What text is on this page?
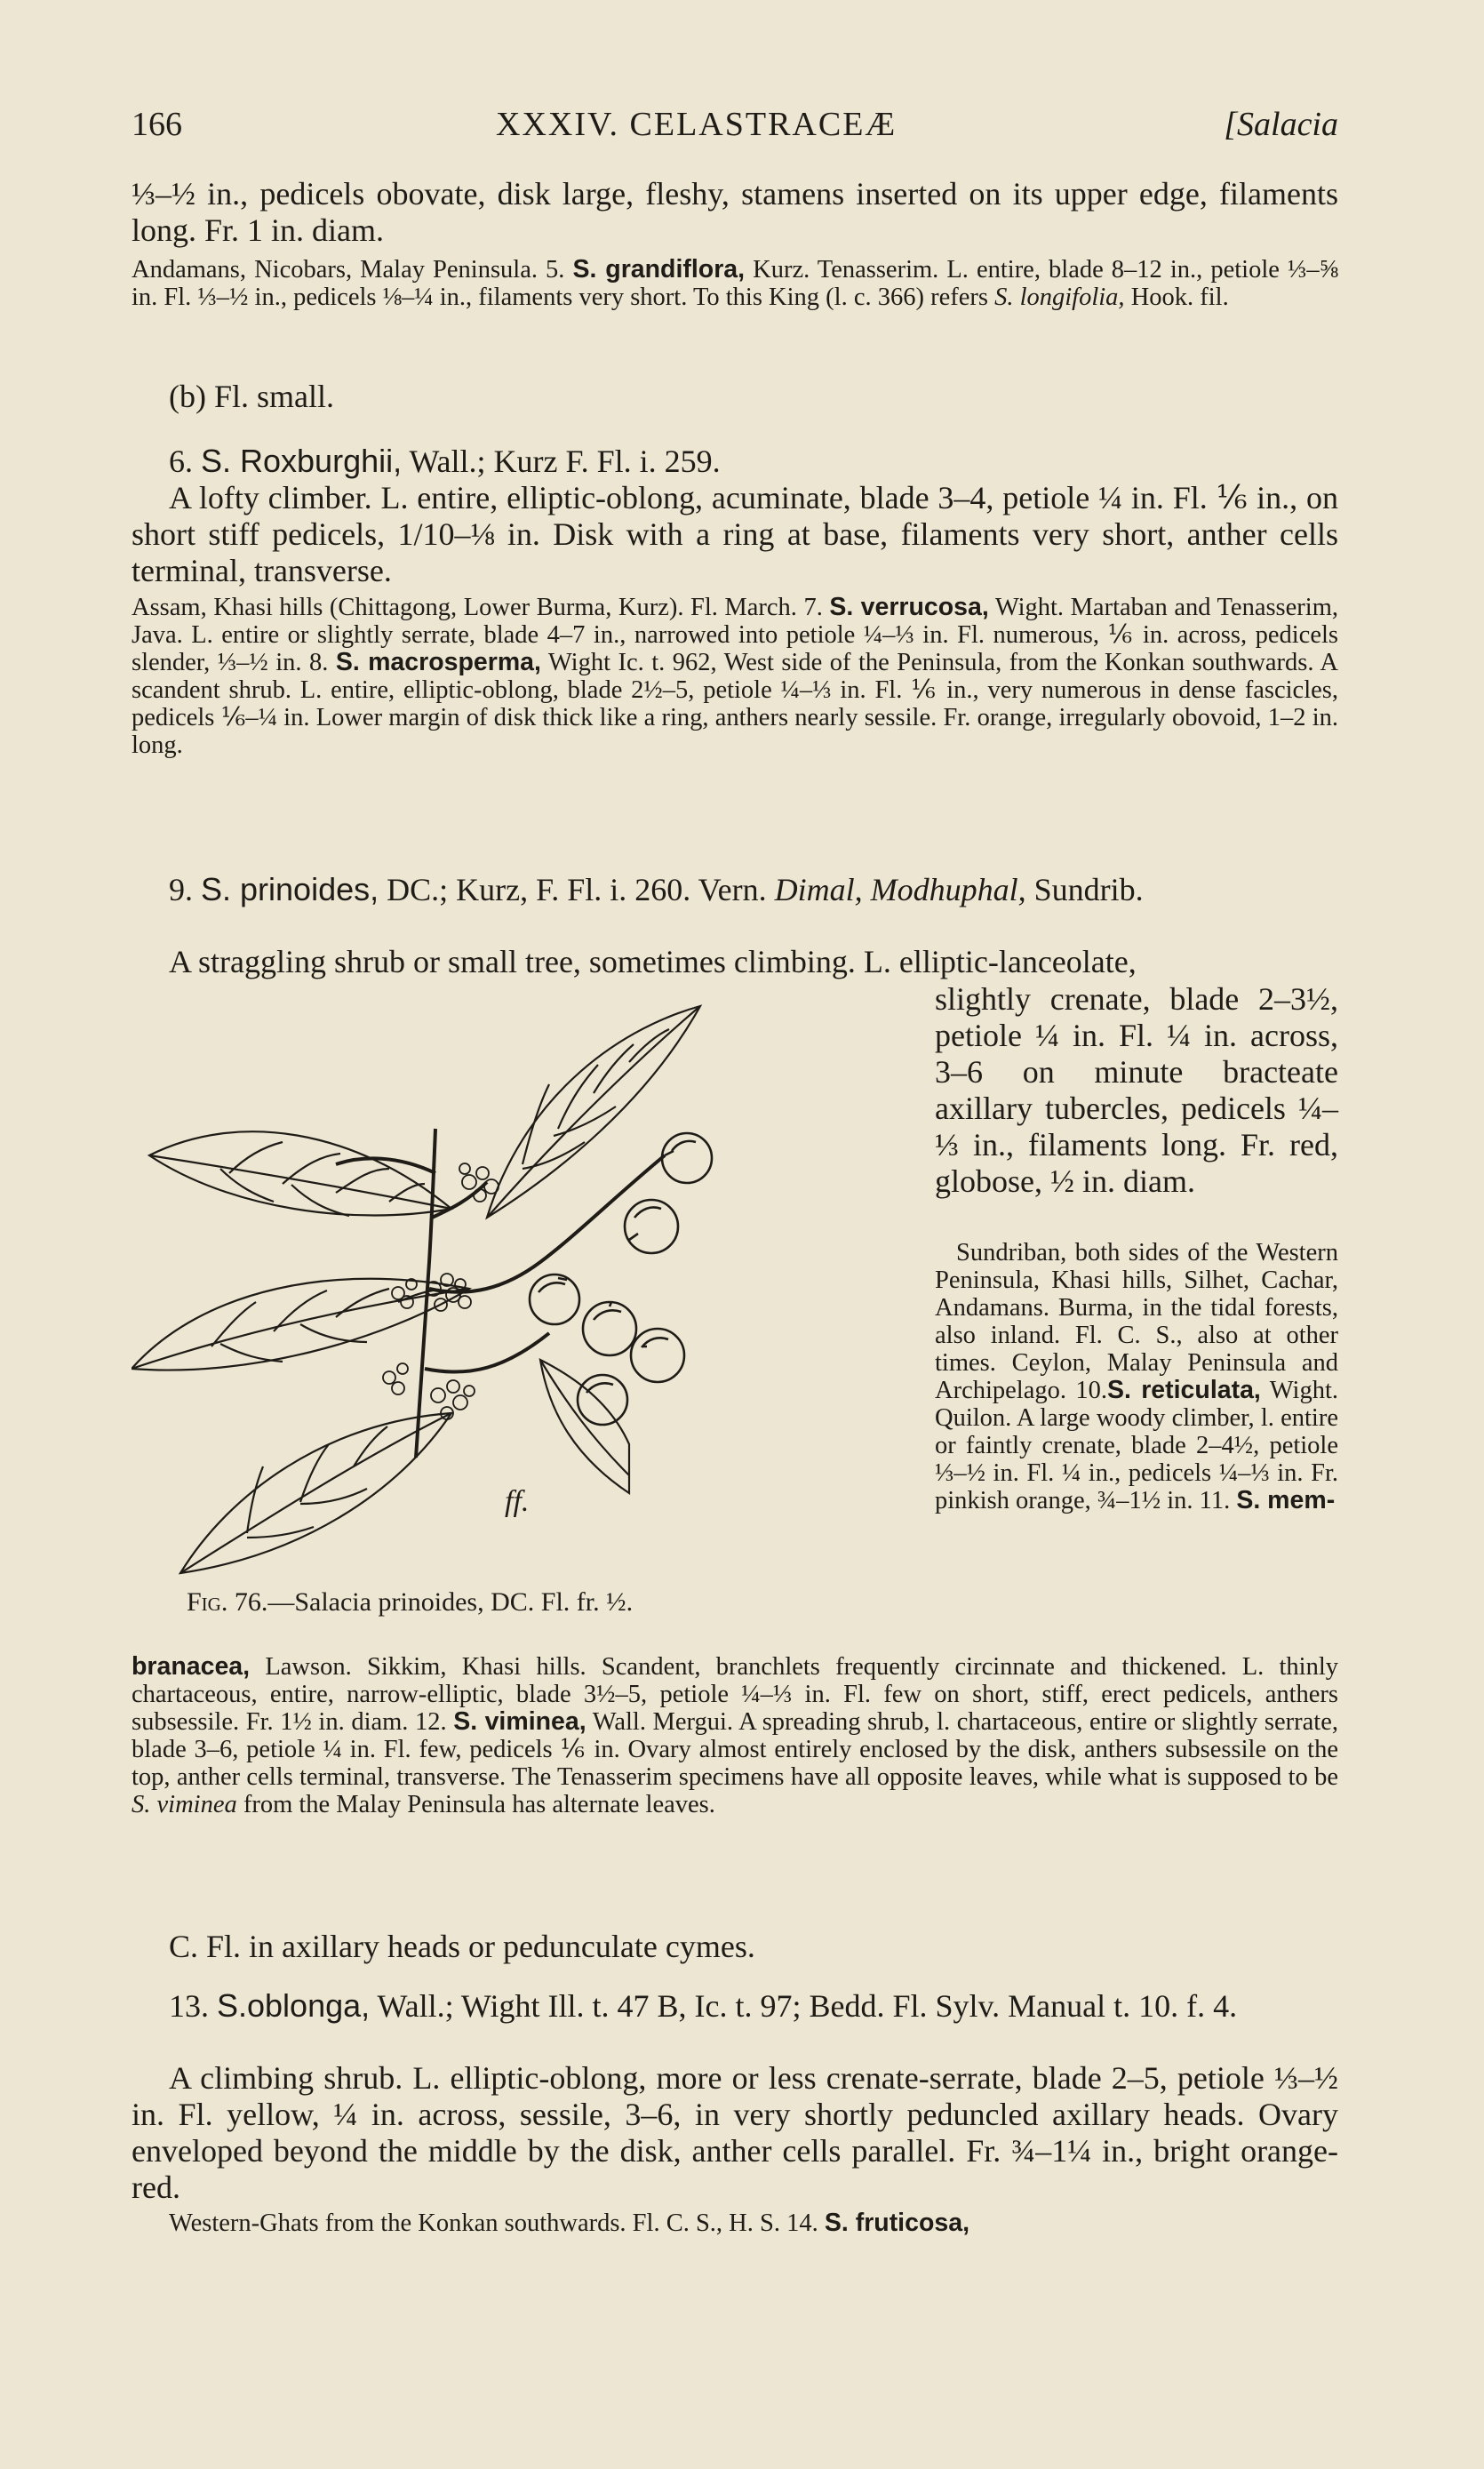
166	XXXIV. CELASTRACEÆ	[Salacia
⅓–½ in., pedicels obovate, disk large, fleshy, stamens inserted on its upper edge, filaments long. Fr. 1 in. diam.
Andamans, Nicobars, Malay Peninsula. 5. S. grandiflora, Kurz. Tenasserim. L. entire, blade 8–12 in., petiole ⅓–⅝ in. Fl. ⅓–½ in., pedicels ⅛–¼ in., filaments very short. To this King (l. c. 366) refers S. longifolia, Hook. fil.
(b) Fl. small.
6. S. Roxburghii, Wall.; Kurz F. Fl. i. 259.
A lofty climber. L. entire, elliptic-oblong, acuminate, blade 3–4, petiole ¼ in. Fl. ⅙ in., on short stiff pedicels, 1/10–⅛ in. Disk with a ring at base, filaments very short, anther cells terminal, transverse.
Assam, Khasi hills (Chittagong, Lower Burma, Kurz). Fl. March. 7. S. verrucosa, Wight. Martaban and Tenasserim, Java. L. entire or slightly serrate, blade 4–7 in., narrowed into petiole ¼–⅓ in. Fl. numerous, ⅙ in. across, pedicels slender, ⅓–½ in. 8. S. macrosperma, Wight Ic. t. 962, West side of the Peninsula, from the Konkan southwards. A scandent shrub. L. entire, elliptic-oblong, blade 2½–5, petiole ¼–⅓ in. Fl. ⅙ in., very numerous in dense fascicles, pedicels ⅙–¼ in. Lower margin of disk thick like a ring, anthers nearly sessile. Fr. orange, irregularly obovoid, 1–2 in. long.
9. S. prinoides, DC.; Kurz, F. Fl. i. 260. Vern. Dimal, Modhuphal, Sundrib.
A straggling shrub or small tree, sometimes climbing. L. elliptic-lanceolate,
slightly crenate, blade 2–3½, petiole ¼ in. Fl. ¼ in. across, 3–6 on minute bracteate axillary tubercles, pedicels ¼–⅓ in., filaments long. Fr. red, globose, ½ in. diam.
Sundriban, both sides of the Western Peninsula, Khasi hills, Silhet, Cachar, Andamans. Burma, in the tidal forests, also inland. Fl. C. S., also at other times. Ceylon, Malay Peninsula and Archipelago. 10.S. reticulata, Wight. Quilon. A large woody climber, l. entire or faintly crenate, blade 2–4½, petiole ⅓–½ in. Fl. ¼ in., pedicels ¼–⅓ in. Fr. pinkish orange, ¾–1½ in. 11. S. mem-
ff.
Fig. 76.—Salacia prinoides, DC. Fl. fr. ½.
branacea, Lawson. Sikkim, Khasi hills. Scandent, branchlets frequently circinnate and thickened. L. thinly chartaceous, entire, narrow-elliptic, blade 3½–5, petiole ¼–⅓ in. Fl. few on short, stiff, erect pedicels, anthers subsessile. Fr. 1½ in. diam. 12. S. viminea, Wall. Mergui. A spreading shrub, l. chartaceous, entire or slightly serrate, blade 3–6, petiole ¼ in. Fl. few, pedicels ⅙ in. Ovary almost entirely enclosed by the disk, anthers subsessile on the top, anther cells terminal, transverse. The Tenasserim specimens have all opposite leaves, while what is supposed to be S. viminea from the Malay Peninsula has alternate leaves.
C. Fl. in axillary heads or pedunculate cymes.
13. S.oblonga, Wall.; Wight Ill. t. 47 B, Ic. t. 97; Bedd. Fl. Sylv. Manual t. 10. f. 4.
A climbing shrub. L. elliptic-oblong, more or less crenate-serrate, blade 2–5, petiole ⅓–½ in. Fl. yellow, ¼ in. across, sessile, 3–6, in very shortly peduncled axillary heads. Ovary enveloped beyond the middle by the disk, anther cells parallel. Fr. ¾–1¼ in., bright orange-red.
Western-Ghats from the Konkan southwards. Fl. C. S., H. S. 14. S. fruticosa,
